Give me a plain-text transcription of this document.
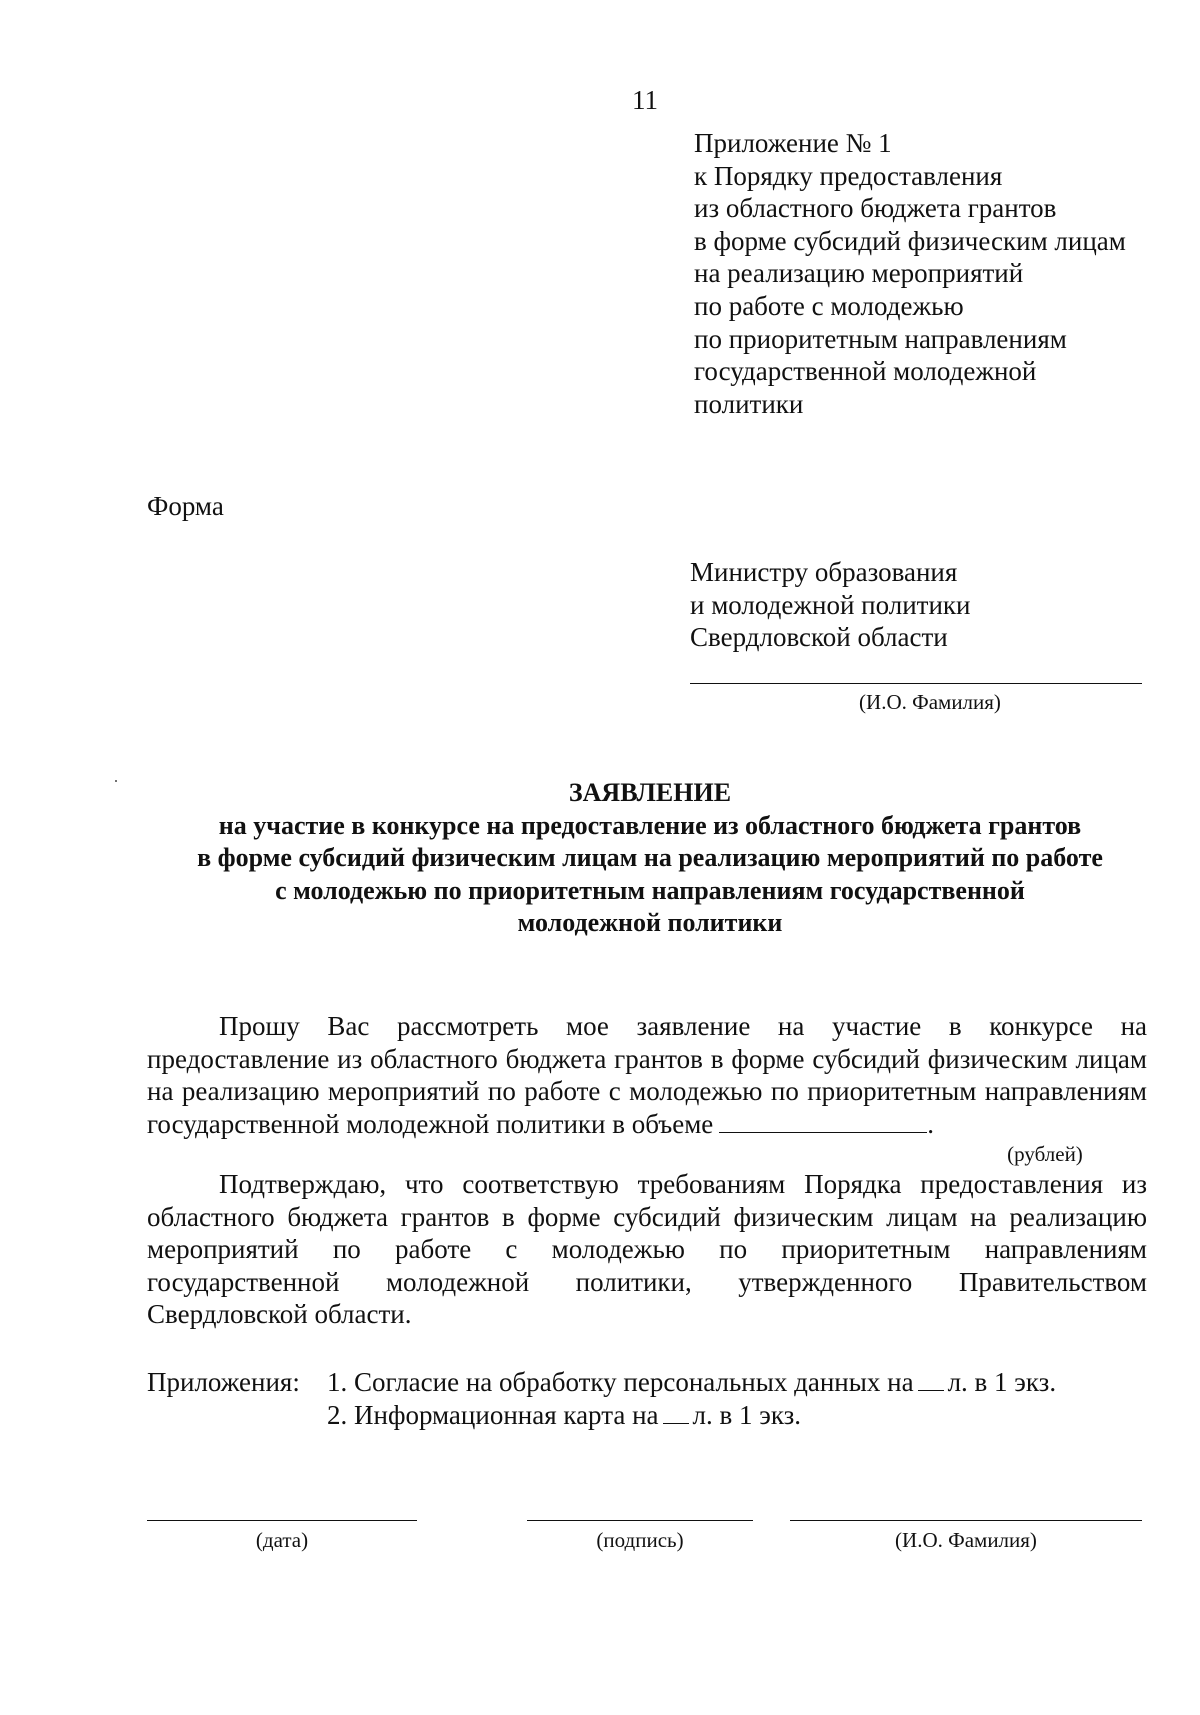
11
Приложение № 1
к Порядку предоставления
из областного бюджета грантов
в форме субсидий физическим лицам
на реализацию мероприятий
по работе с молодежью
по приоритетным направлениям
государственной молодежной
политики
Форма
Министру образования
и молодежной политики
Свердловской области
(И.О. Фамилия)
ЗАЯВЛЕНИЕ
на участие в конкурсе на предоставление из областного бюджета грантов
в форме субсидий физическим лицам на реализацию мероприятий по работе
с молодежью по приоритетным направлениям государственной
молодежной политики
Прошу Вас рассмотреть мое заявление на участие в конкурсе на предоставление из областного бюджета грантов в форме субсидий физическим лицам на реализацию мероприятий по работе с молодежью по приоритетным направлениям государственной молодежной политики в объеме	.
(рублей)
Подтверждаю, что соответствую требованиям Порядка предоставления из областного бюджета грантов в форме субсидий физическим лицам на реализацию мероприятий по работе с молодежью по приоритетным направлениям государственной молодежной политики, утвержденного Правительством Свердловской области.
Приложения: 1. Согласие на обработку персональных данных на л. в 1 экз.
2. Информационная карта на л. в 1 экз.
(дата)	(подпись)	(И.О. Фамилия)
